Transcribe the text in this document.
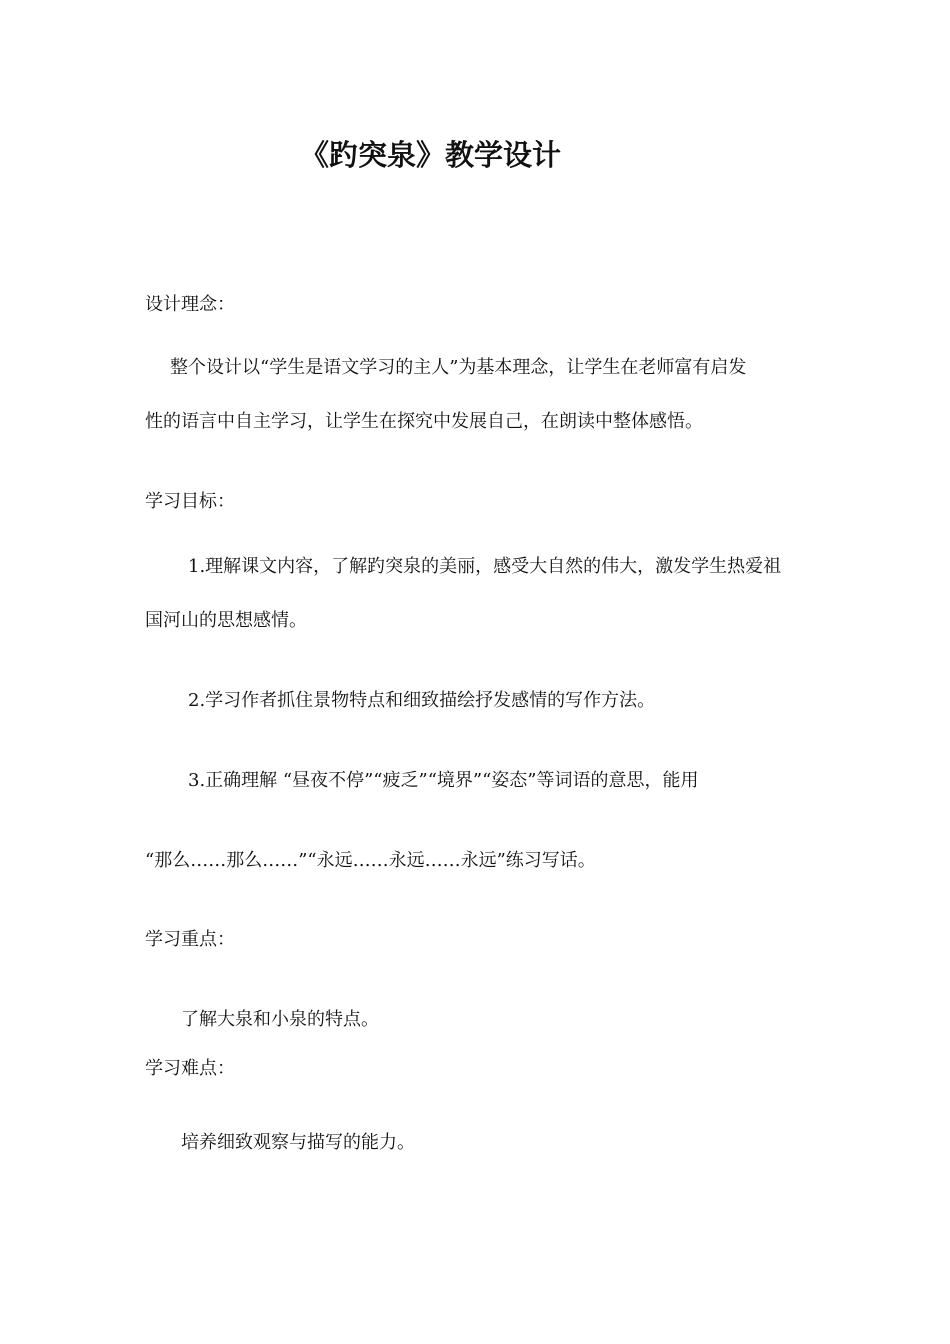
《趵突泉》教学设计
设计理念：
整个设计以“学生是语文学习的主人”为基本理念，让学生在老师富有启发
性的语言中自主学习，让学生在探究中发展自己，在朗读中整体感悟。
学习目标：
1.理解课文内容，了解趵突泉的美丽，感受大自然的伟大，激发学生热爱祖
国河山的思想感情。
2.学习作者抓住景物特点和细致描绘抒发感情的写作方法。
3.正确理解 “昼夜不停”“疲乏”“境界”“姿态”等词语的意思，能用
“那么……那么……”“永远……永远……永远”练习写话。
学习重点：
了解大泉和小泉的特点。
学习难点：
培养细致观察与描写的能力。
